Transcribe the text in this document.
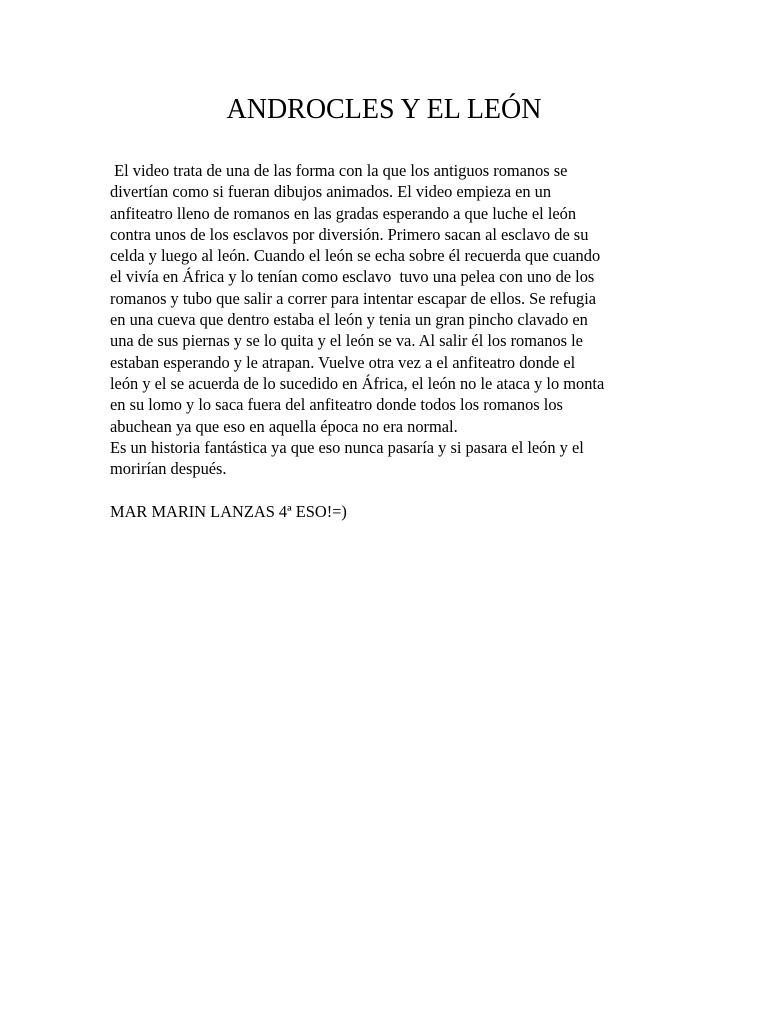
ANDROCLES Y EL LEÓN
El video trata de una de las forma con la que los antiguos romanos se
divertían como si fueran dibujos animados. El video empieza en un
anfiteatro lleno de romanos en las gradas esperando a que luche el león
contra unos de los esclavos por diversión. Primero sacan al esclavo de su
celda y luego al león. Cuando el león se echa sobre él recuerda que cuando
el vivía en África y lo tenían como esclavo  tuvo una pelea con uno de los
romanos y tubo que salir a correr para intentar escapar de ellos. Se refugia
en una cueva que dentro estaba el león y tenia un gran pincho clavado en
una de sus piernas y se lo quita y el león se va. Al salir él los romanos le
estaban esperando y le atrapan. Vuelve otra vez a el anfiteatro donde el
león y el se acuerda de lo sucedido en África, el león no le ataca y lo monta
en su lomo y lo saca fuera del anfiteatro donde todos los romanos los
abuchean ya que eso en aquella época no era normal.
Es un historia fantástica ya que eso nunca pasaría y si pasara el león y el
morirían después.
MAR MARIN LANZAS 4ª ESO!=)
